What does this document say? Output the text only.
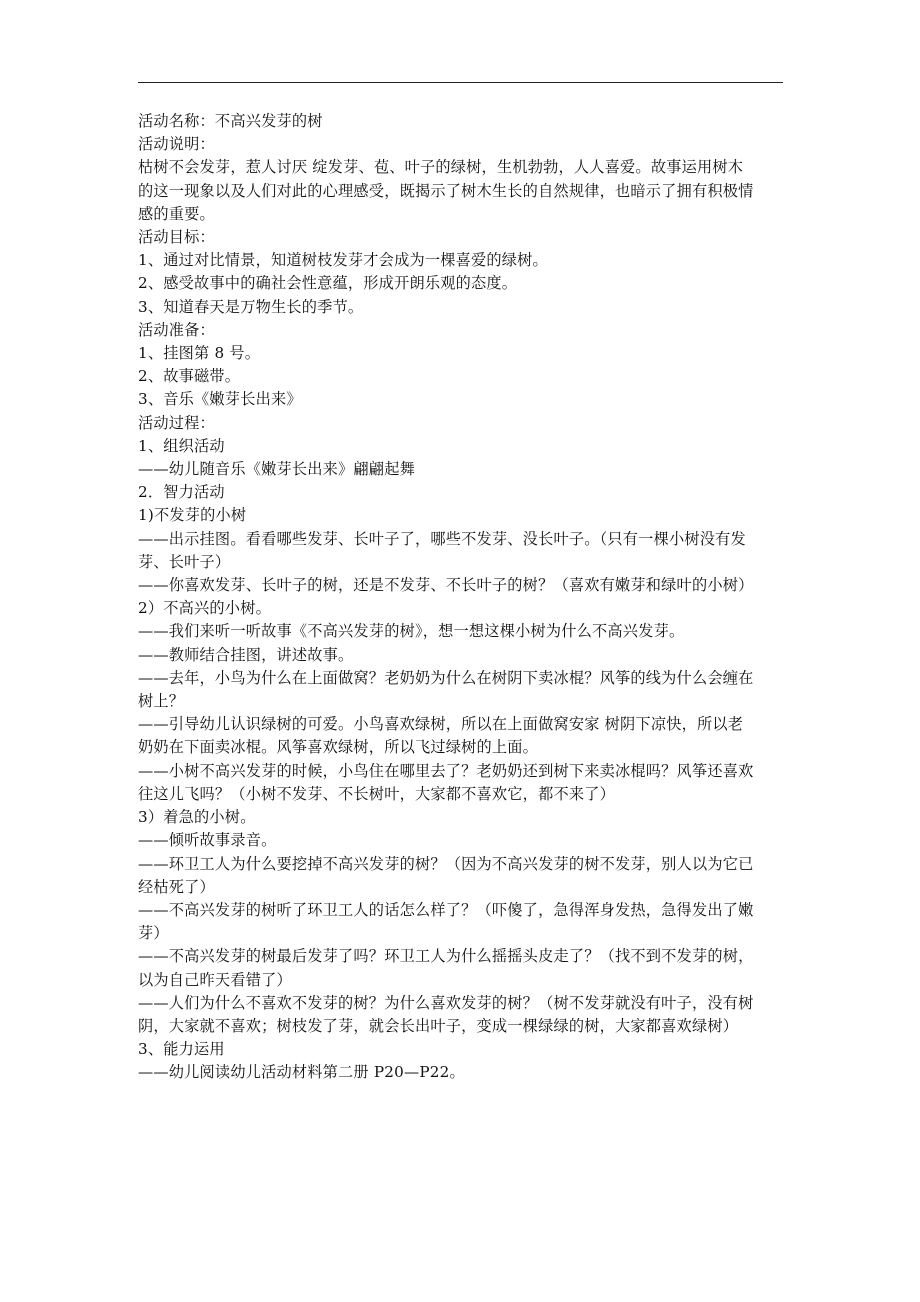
活动名称：不高兴发芽的树

活动说明：

枯树不会发芽，惹人讨厌 绽发芽、苞、叶子的绿树，生机勃勃，人人喜爱。故事运用树木

的这一现象以及人们对此的心理感受，既揭示了树木生长的自然规律，也暗示了拥有积极情

感的重要。

活动目标：

1、通过对比情景，知道树枝发芽才会成为一棵喜爱的绿树。

2、感受故事中的确社会性意蕴，形成开朗乐观的态度。

3、知道春天是万物生长的季节。

活动准备：

1、挂图第 8 号。

2、故事磁带。

3、音乐《嫩芽长出来》

活动过程：

1、组织活动

——幼儿随音乐《嫩芽长出来》翩翩起舞

2．智力活动

1)不发芽的小树

——出示挂图。看看哪些发芽、长叶子了，哪些不发芽、没长叶子。（只有一棵小树没有发

芽、长叶子）

——你喜欢发芽、长叶子的树，还是不发芽、不长叶子的树？（喜欢有嫩芽和绿叶的小树）

2）不高兴的小树。

——我们来听一听故事《不高兴发芽的树》，想一想这棵小树为什么不高兴发芽。

——教师结合挂图，讲述故事。

——去年，小鸟为什么在上面做窝？老奶奶为什么在树阴下卖冰棍？风筝的线为什么会缠在

树上？

——引导幼儿认识绿树的可爱。小鸟喜欢绿树，所以在上面做窝安家 树阴下凉快，所以老

奶奶在下面卖冰棍。风筝喜欢绿树，所以飞过绿树的上面。

——小树不高兴发芽的时候，小鸟住在哪里去了？老奶奶还到树下来卖冰棍吗？风筝还喜欢

往这儿飞吗？（小树不发芽、不长树叶，大家都不喜欢它，都不来了）

3）着急的小树。

——倾听故事录音。

——环卫工人为什么要挖掉不高兴发芽的树？（因为不高兴发芽的树不发芽，别人以为它已

经枯死了）

——不高兴发芽的树听了环卫工人的话怎么样了？（吓傻了，急得浑身发热，急得发出了嫩

芽）

——不高兴发芽的树最后发芽了吗？环卫工人为什么摇摇头皮走了？（找不到不发芽的树，

以为自己昨天看错了）

——人们为什么不喜欢不发芽的树？为什么喜欢发芽的树？（树不发芽就没有叶子，没有树

阴，大家就不喜欢；树枝发了芽，就会长出叶子，变成一棵绿绿的树，大家都喜欢绿树）

3、能力运用

——幼儿阅读幼儿活动材料第二册 P20—P22。
